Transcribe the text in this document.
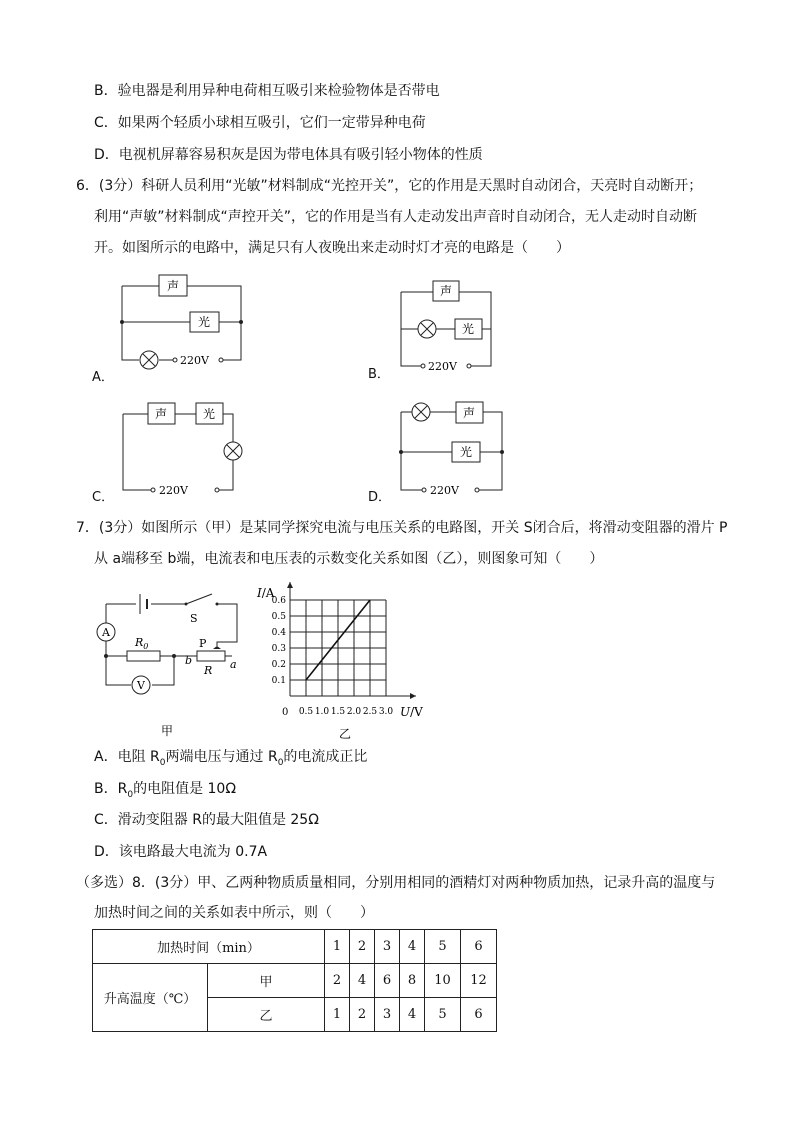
B．验电器是利用异种电荷相互吸引来检验物体是否带电
C．如果两个轻质小球相互吸引，它们一定带异种电荷
D．电视机屏幕容易积灰是因为带电体具有吸引轻小物体的性质
6．(3分）科研人员利用“光敏”材料制成“光控开关”，它的作用是天黑时自动闭合，天亮时自动断开；
利用“声敏”材料制成“声控开关”，它的作用是当有人走动发出声音时自动闭合，无人走动时自动断
开。如图所示的电路中，满足只有人夜晚出来走动时灯才亮的电路是（　　）
A．
声
光
220V
B．
声
光
220V
C．
声	光
220V	D．
声
光
220V
7．(3分）如图所示（甲）是某同学探究电流与电压关系的电路图，开关 S闭合后，将滑动变阻器的滑片 P
从 a端移至 b端，电流表和电压表的示数变化关系如图（乙），则图象可知（　　）
S
A
$R_0$	P
R
b	a
V
甲
0.5 1.0 1.5 2.0 2.5 3.0
0.1
0.2
0.3
0.4
0.5
0.6
I/A
U/V
0
乙
A．电阻 $R_0$两端电压与通过 $R_0$的电流成正比
B．$R_0$的电阻值是 10Ω
C．滑动变阻器 R的最大阻值是 25Ω
D．该电路最大电流为 0.7A
（多选）8．(3分）甲、乙两种物质质量相同，分别用相同的酒精灯对两种物质加热，记录升高的温度与
加热时间之间的关系如表中所示，则（　　）
加热时间（min）		1	2	3	4	5	6
升高温度（℃）	甲	2	4	6	8	10	12
	乙	1	2	3	4	5	6
